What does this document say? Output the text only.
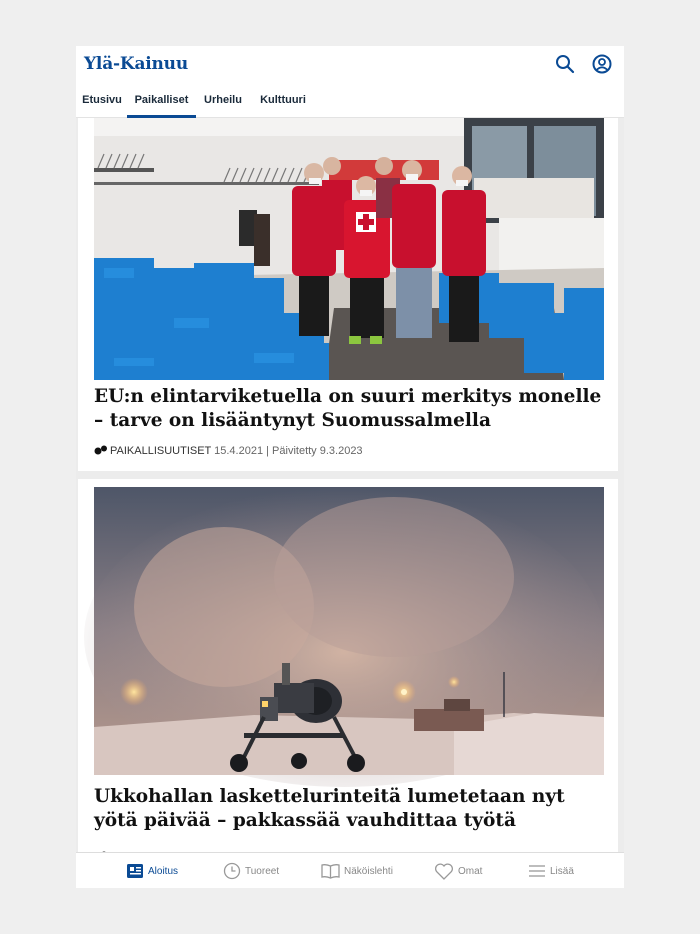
Ylä-Kainuu
Etusivu	Paikalliset	Urheilu Kulttuuri
EU:n elintarviketuella on suuri merkitys monelle – tarve on lisääntynyt Suomussalmella
PAIKALLISUUTISET 15.4.2021 | Päivitetty 9.3.2023
Ukkohallan laskettelurinteitä lumetetaan nyt yötä päivää – pakkassää vauhdittaa työtä
Aloitus	Tuoreet	Näköislehti	Omat	Lisää
